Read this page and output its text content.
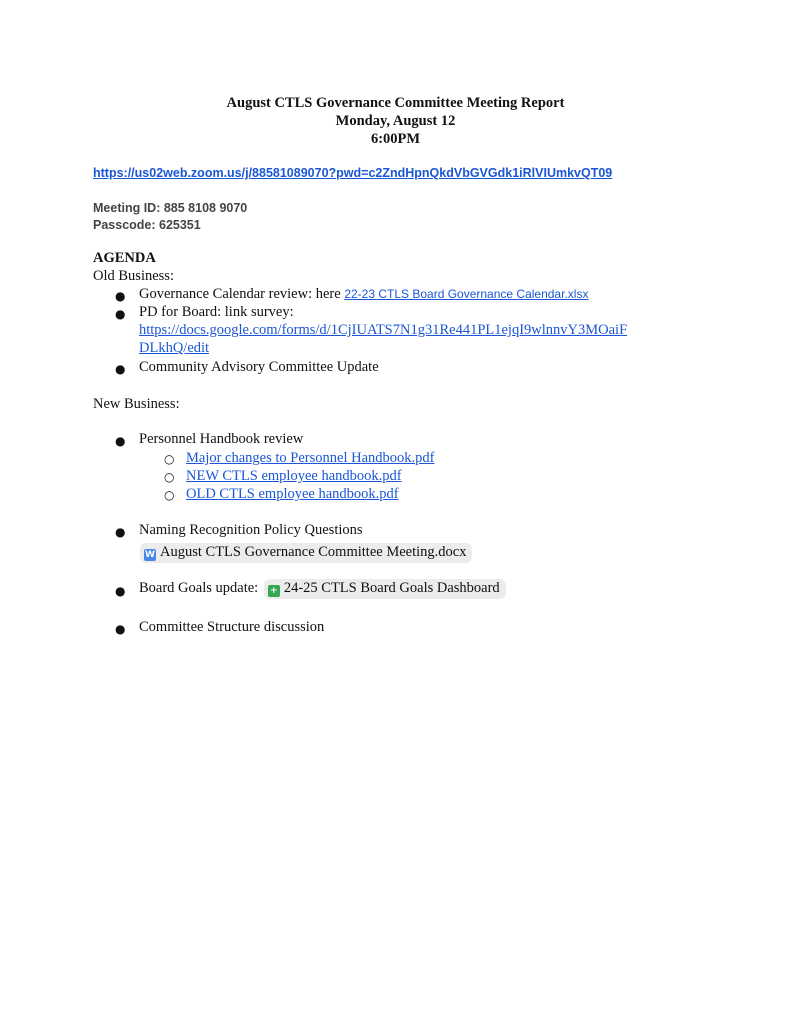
August CTLS Governance Committee Meeting Report
Monday, August 12
6:00PM
https://us02web.zoom.us/j/88581089070?pwd=c2ZndHpnQkdVbGVGdk1iRlVIUmkvQT09
Meeting ID: 885 8108 9070
Passcode: 625351
AGENDA
Old Business:
● Governance Calendar review: here 22-23 CTLS Board Governance Calendar.xlsx
● PD for Board: link survey:
https://docs.google.com/forms/d/1CjIUATS7N1g31Re441PL1ejqI9wlnnvY3MOaiF
DLkhQ/edit
● Community Advisory Committee Update
New Business:
● Personnel Handbook review
○ Major changes to Personnel Handbook.pdf
○ NEW CTLS employee handbook.pdf
○ OLD CTLS employee handbook.pdf
● Naming Recognition Policy Questions
W August CTLS Governance Committee Meeting.docx
● Board Goals update: + 24-25 CTLS Board Goals Dashboard
● Committee Structure discussion
